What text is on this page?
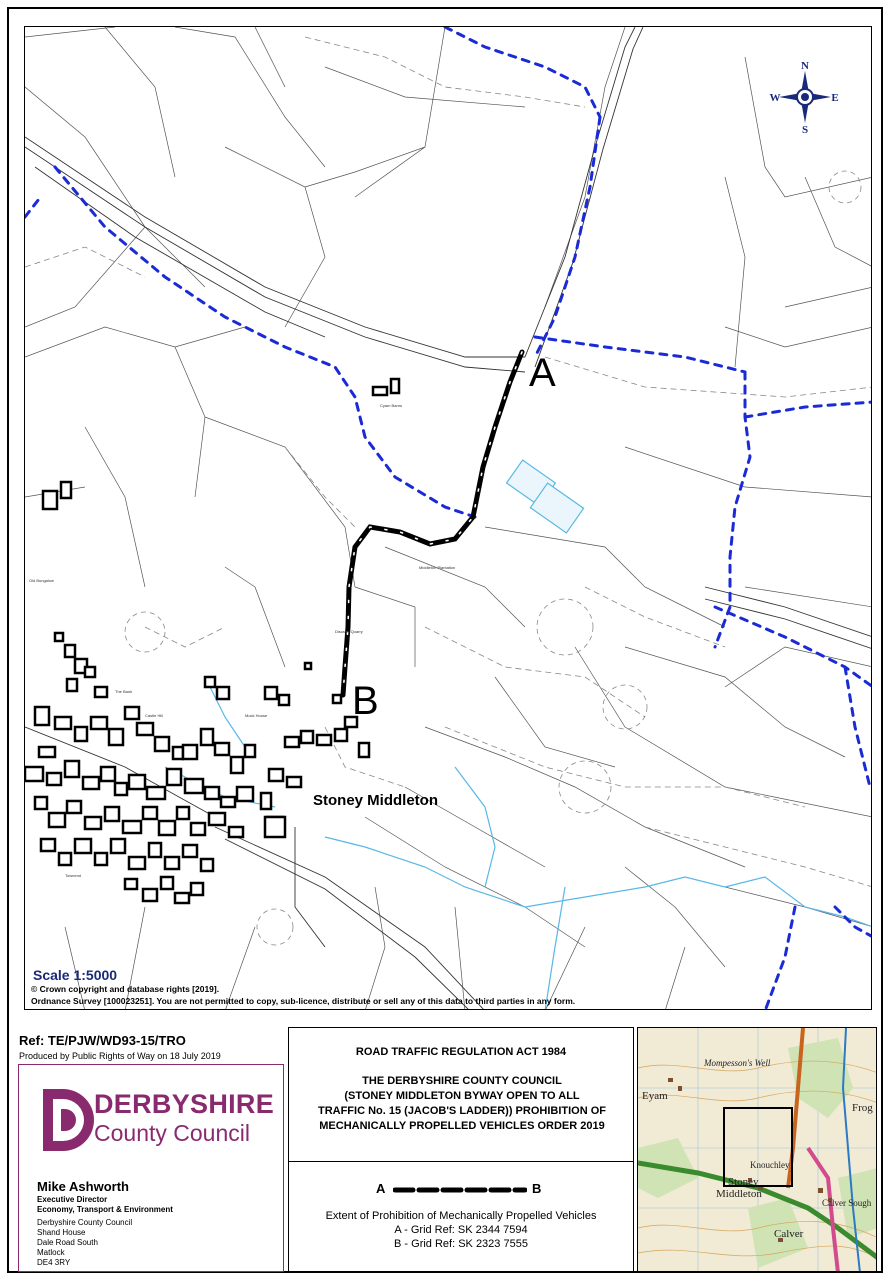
Cyam Barns
Middleton Plantation
The Bank
Castle Hill	Mock House
Townend
Old Bungalow
Disused Quarry
N
S
E
W
A
B
Stoney Middleton
Scale 1:5000
© Crown copyright and database rights [2019].
Ordnance Survey [100023251]. You are not permitted to copy, sub-licence, distribute or sell any of this data to third parties in any form.
Ref: TE/PJW/WD93-15/TRO
Produced by Public Rights of Way on 18 July 2019
DERBYSHIRE
County Council
Mike Ashworth
Executive Director
Economy, Transport & Environment
Derbyshire County Council
Shand House
Dale Road South
Matlock
DE4 3RY
ROAD TRAFFIC REGULATION ACT 1984
THE DERBYSHIRE COUNTY COUNCIL
(STONEY MIDDLETON BYWAY OPEN TO ALL
TRAFFIC No. 15 (JACOB'S LADDER)) PROHIBITION OF
MECHANICALLY PROPELLED VEHICLES ORDER 2019
A	B
Extent of Prohibition of Mechanically Propelled Vehicles
A - Grid Ref: SK 2344 7594
B - Grid Ref: SK 2323 7555
Mompesson's Well
Eyam
Stoney
Middleton
Calver
Frog
Knouchley
Calver Sough
